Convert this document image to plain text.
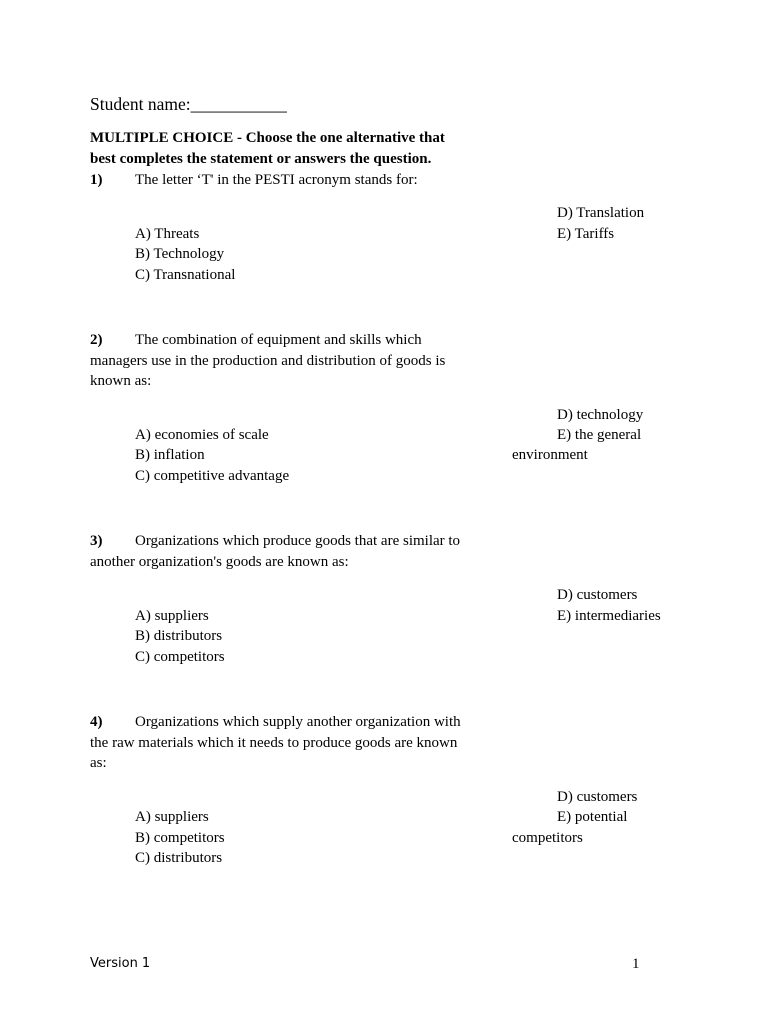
Student name:___________
MULTIPLE CHOICE - Choose the one alternative that
best completes the statement or answers the question.
1) The letter ‘T' in the PESTI acronym stands for:
D) Translation
E) Tariffs
A) Threats
B) Technology
C) Transnational
2) The combination of equipment and skills which
managers use in the production and distribution of goods is
known as:
D) technology
E) the general
environment
A) economies of scale
B) inflation
C) competitive advantage
3) Organizations which produce goods that are similar to
another organization's goods are known as:
D) customers
E) intermediaries
A) suppliers
B) distributors
C) competitors
4) Organizations which supply another organization with
the raw materials which it needs to produce goods are known
as:
D) customers
E) potential
competitors
A) suppliers
B) competitors
C) distributors
Version 1	1
